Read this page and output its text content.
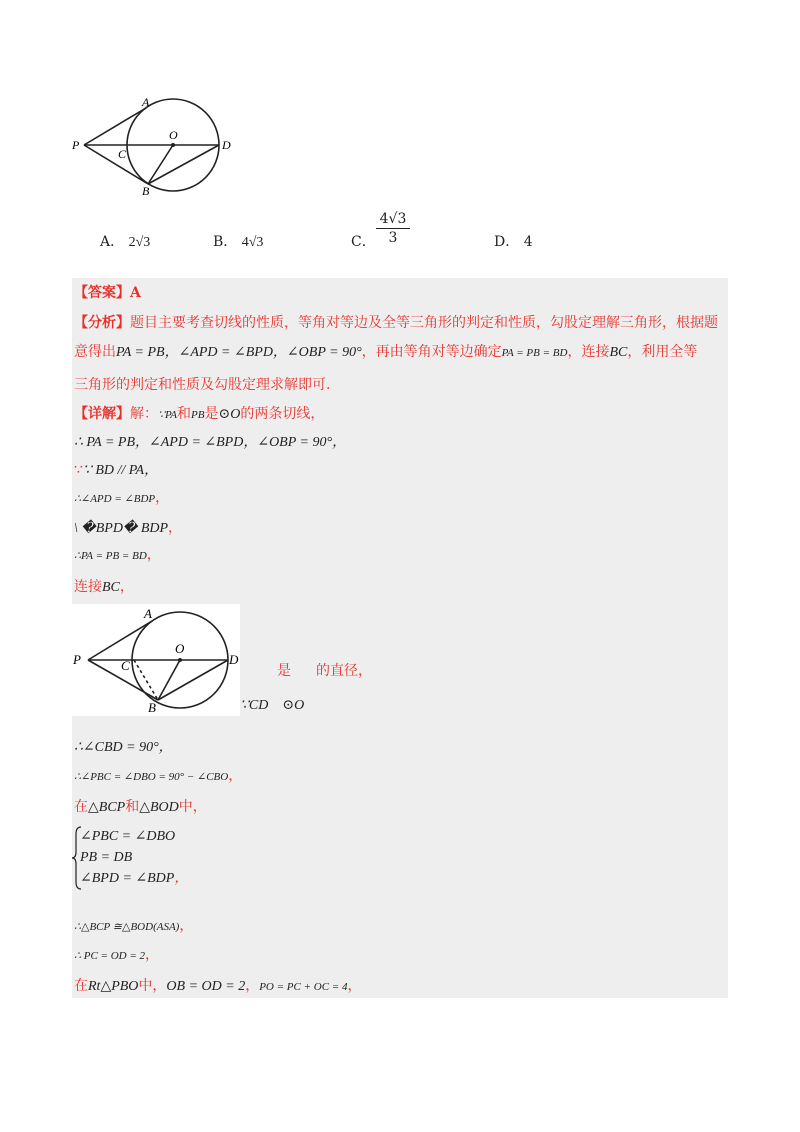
A
O
P
C
D
B
A． 2√3	B． 4√3	C． $\frac{4√3}{3}$	D． 4
【答案】A
【分析】题目主要考查切线的性质，等角对等边及全等三角形的判定和性质，勾股定理解三角形，根据题
意得出PA = PB，∠APD = ∠BPD，∠OBP = 90°，再由等角对等边确定PA = PB = BD，连接BC，利用全等
三角形的判定和性质及勾股定理求解即可.
【详解】解：∵PA和PB是⊙O的两条切线，
∴ PA = PB，∠APD = ∠BPD，∠OBP = 90°，
∵∵ BD // PA，
∴∠APD = ∠BDP，
\ �BPD� BDP，
∴PA = PB = BD，
连接BC，
A
O
P	C	D
B
是 的直径，
∵CD    ⊙O
∴∠CBD = 90°，
∴∠PBC = ∠DBO = 90° − ∠CBO，
在△BCP和△BOD中，
∠PBC = ∠DBO
PB = DB
∠BPD = ∠BDP，
∴△BCP ≅△BOD(ASA)，
∴ PC = OD = 2，
在Rt△PBO中，OB = OD = 2，PO = PC + OC = 4，
